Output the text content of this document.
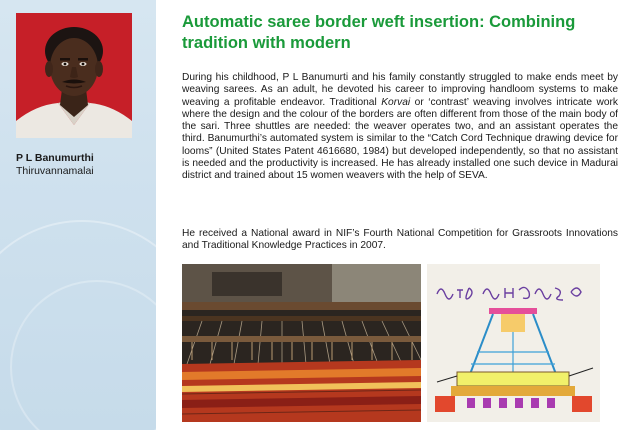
P L Banumurthi
Thiruvannamalai
Automatic saree border weft insertion: Combining tradition with modern

During his childhood, P L Banumurti and his family constantly struggled to make ends meet by weaving sarees. As an adult, he devoted his career to improving handloom systems to make weaving a profitable endeavor. Traditional Korvai or ‘contrast’ weaving involves intricate work where the design and the colour of the borders are often different from those of the main body of the sari. Three shuttles are needed: the weaver operates two, and an assistant operates the third. Banumurthi’s automated system is similar to the “Catch Cord Technique drawing device for looms” (United States Patent 4616680, 1984) but developed independently, so that no assistant is needed and the productivity is increased. He has already installed one such device in Madurai district and trained about 15 women weavers with the help of SEVA.

He received a National award in NIF’s Fourth National Competition for Grassroots Innovations and Traditional Knowledge Practices in 2007.
